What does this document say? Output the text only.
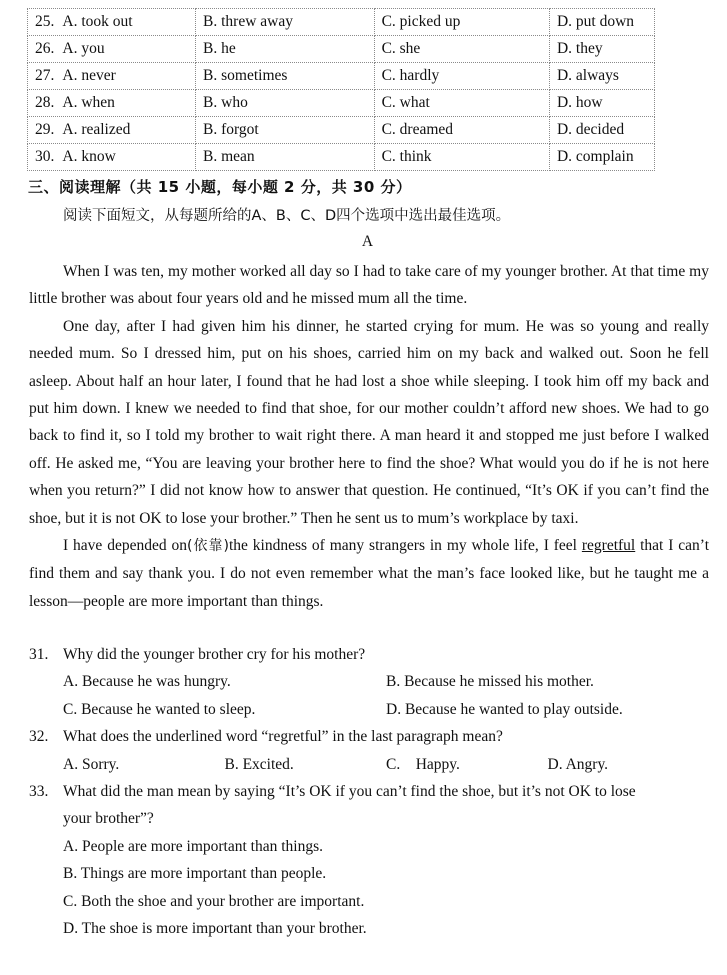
25. A. took out	B. threw away	C. picked up	D. put down
26. A. you	B. he	C. she	D. they
27. A. never	B. sometimes	C. hardly	D. always
28. A. when	B. who	C. what	D. how
29. A. realized	B. forgot	C. dreamed	D. decided
30. A. know	B. mean	C. think	D. complain
三、阅读理解（共 15 小题，每小题 2 分，共 30 分）
阅读下面短文，从每题所给的A、B、C、D四个选项中选出最佳选项。
A

When I was ten, my mother worked all day so I had to take care of my younger brother. At that time my little brother was about four years old and he missed mum all the time.

One day, after I had given him his dinner, he started crying for mum. He was so young and really needed mum. So I dressed him, put on his shoes, carried him on my back and walked out. Soon he fell asleep. About half an hour later, I found that he had lost a shoe while sleeping. I took him off my back and put him down. I knew we needed to find that shoe, for our mother couldn’t afford new shoes. We had to go back to find it, so I told my brother to wait right there. A man heard it and stopped me just before I walked off. He asked me, “You are leaving your brother here to find the shoe? What would you do if he is not here when you return?” I did not know how to answer that question. He continued, “It’s OK if you can’t find the shoe, but it is not OK to lose your brother.” Then he sent us to mum’s workplace by taxi.

I have depended on(依靠)the kindness of many strangers in my whole life, I feel regretful that I can’t find them and say thank you. I do not even remember what the man’s face looked like, but he taught me a lesson—people are more important than things.

31. Why did the younger brother cry for his mother?
A. Because he was hungry.	B. Because he missed his mother.
C. Because he wanted to sleep.	D. Because he wanted to play outside.
32. What does the underlined word “regretful” in the last paragraph mean?
A. Sorry.	B. Excited.	C.    Happy.	D. Angry.
33. What did the man mean by saying “It’s OK if you can’t find the shoe, but it’s not OK to lose your brother”?
A. People are more important than things.
B. Things are more important than people.
C. Both the shoe and your brother are important.
D. The shoe is more important than your brother.
